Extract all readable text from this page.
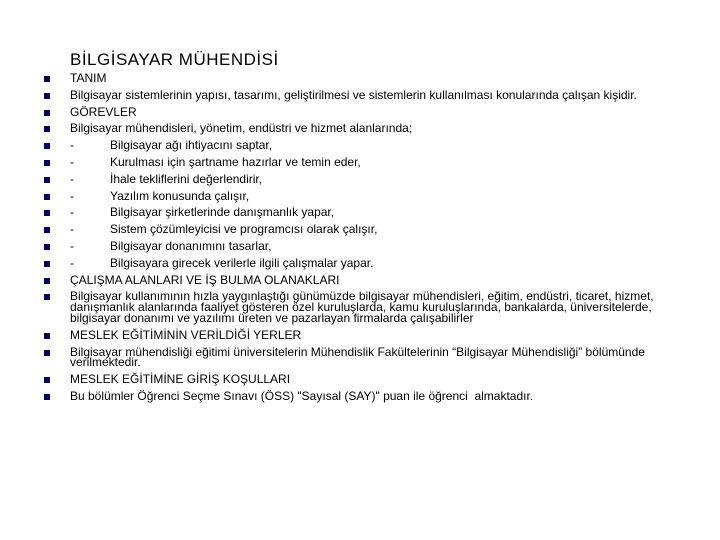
BİLGİSAYAR MÜHENDİSİ
TANIM
Bilgisayar sistemlerinin yapısı, tasarımı, geliştirilmesi ve sistemlerin kullanılması konularında çalışan kişidir.
GÖREVLER
Bilgisayar mühendisleri, yönetim, endüstri ve hizmet alanlarında;
-	Bilgisayar ağı ihtiyacını saptar,
-	Kurulması için şartname hazırlar ve temin eder,
-	İhale tekliflerini değerlendirir,
-	Yazılım konusunda çalışır,
-	Bilgisayar şirketlerinde danışmanlık yapar,
-	Sistem çözümleyicisi ve programcısı olarak çalışır,
-	Bilgisayar donanımını tasarlar,
-	Bilgisayara girecek verilerle ilgili çalışmalar yapar.
ÇALIŞMA ALANLARI VE İŞ BULMA OLANAKLARI
Bilgisayar kullanımının hızla yaygınlaştığı günümüzde bilgisayar mühendisleri, eğitim, endüstri, ticaret, hizmet, danışmanlık alanlarında faaliyet gösteren özel kuruluşlarda, kamu kuruluşlarında, bankalarda, üniversitelerde, bilgisayar donanımı ve yazılımı üreten ve pazarlayan firmalarda çalışabilirler
MESLEK EĞİTİMİNİN VERİLDİĞİ YERLER
Bilgisayar mühendisliği eğitimi üniversitelerin Mühendislik Fakültelerinin “Bilgisayar Mühendisliği” bölümünde verilmektedir.
MESLEK EĞİTİMİNE GİRİŞ KOŞULLARI
Bu bölümler Öğrenci Seçme Sınavı (ÖSS) "Sayısal (SAY)" puan ile öğrenci  almaktadır.
